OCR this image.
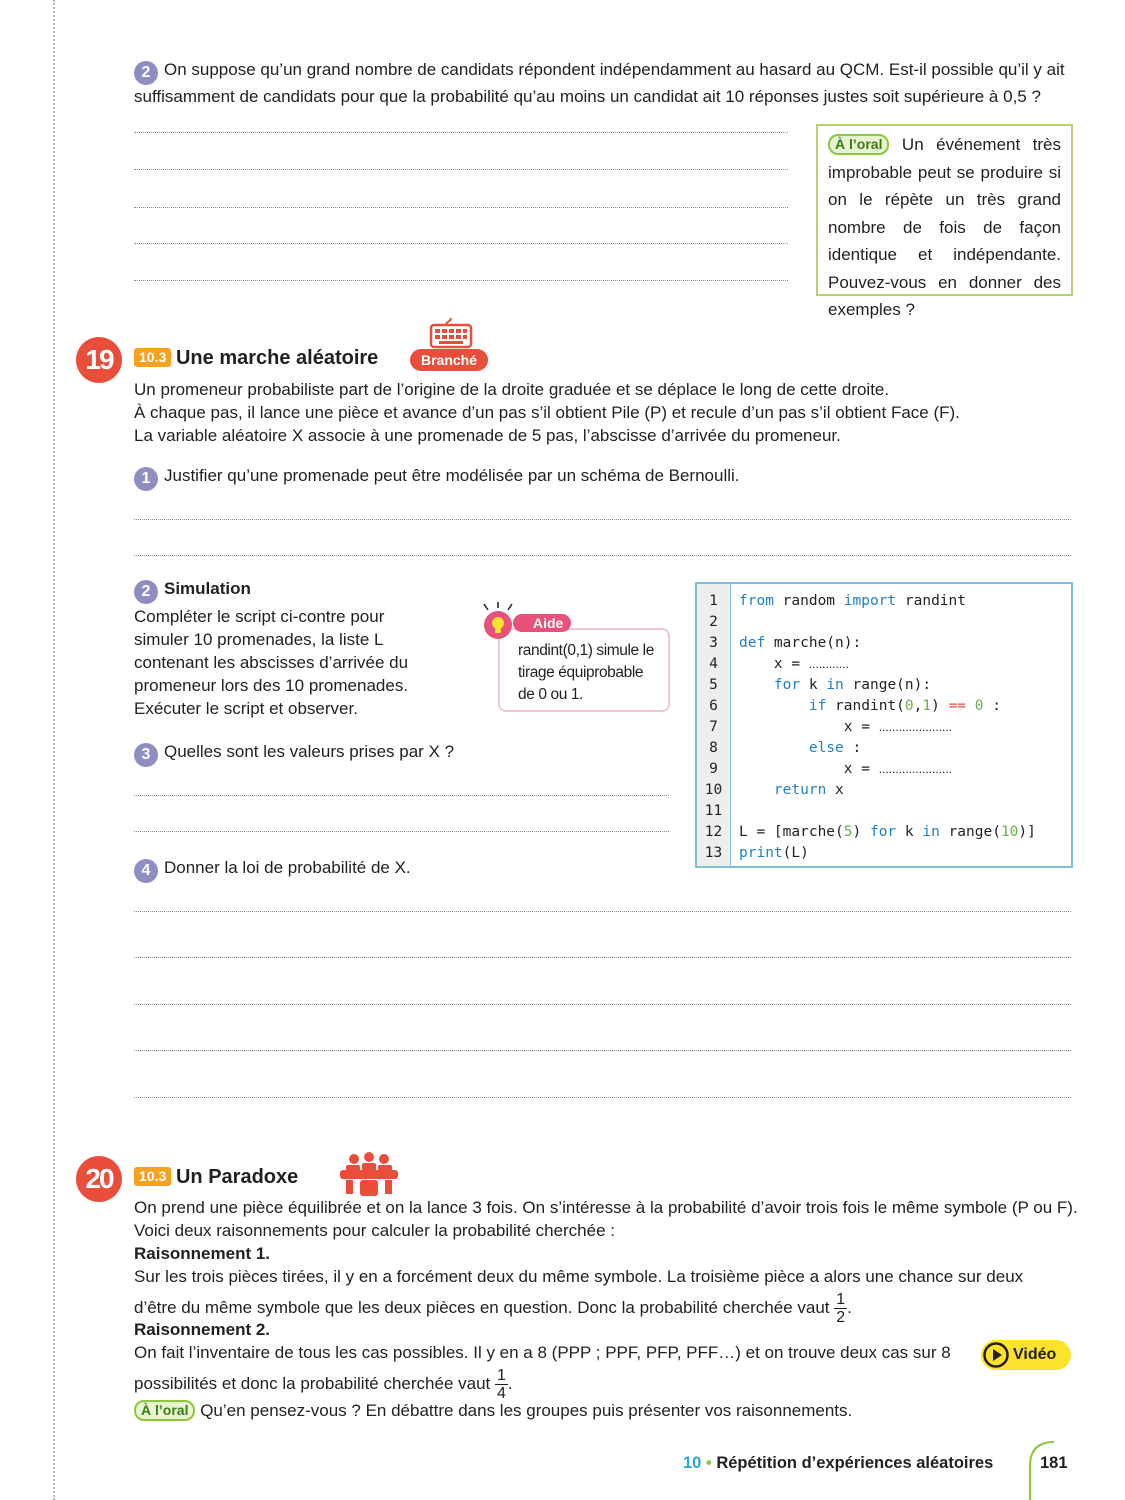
2 On suppose qu’un grand nombre de candidats répondent indépendamment au hasard au QCM. Est-il possible qu’il y ait suffisamment de candidats pour que la probabilité qu’au moins un candidat ait 10 réponses justes soit supérieure à 0,5 ?
À l’oral Un événement très improbable peut se produire si on le répète un très grand nombre de fois de façon identique et indépendante. Pouvez-vous en donner des exemples ?
19	10.3 Une marche aléatoire	Branché
Un promeneur probabiliste part de l’origine de la droite graduée et se déplace le long de cette droite.
À chaque pas, il lance une pièce et avance d’un pas s’il obtient Pile (P) et recule d’un pas s’il obtient Face (F).
La variable aléatoire X associe à une promenade de 5 pas, l’abscisse d’arrivée du promeneur.
1 Justifier qu’une promenade peut être modélisée par un schéma de Bernoulli.
2 Simulation
Compléter le script ci-contre pour
simuler 10 promenades, la liste L
contenant les abscisses d’arrivée du
promeneur lors des 10 promenades.
Exécuter le script et observer.
Aide
randint(0,1) simule le
tirage équiprobable
de 0 ou 1.
3 Quelles sont les valeurs prises par X ?
4 Donner la loi de probabilité de X.
1	from random import randint
2
3	def marche(n):
4	x = ............
5	for k in range(n):
6	if randint(0,1) == 0 :
7	x = ......................
8	else :
9	x = ......................
10	return x
11
12	L = [marche(5) for k in range(10)]
13	print(L)
20	10.3 Un Paradoxe
On prend une pièce équilibrée et on la lance 3 fois. On s’intéresse à la probabilité d’avoir trois fois le même symbole (P ou F).
Voici deux raisonnements pour calculer la probabilité cherchée :
Raisonnement 1.
Sur les trois pièces tirées, il y en a forcément deux du même symbole. La troisième pièce a alors une chance sur deux
d’être du même symbole que les deux pièces en question. Donc la probabilité cherchée vaut $\frac{1}{2}$ .
Raisonnement 2.
On fait l’inventaire de tous les cas possibles. Il y en a 8 (PPP ; PPF, PFP, PFF…) et on trouve deux cas sur 8
possibilités et donc la probabilité cherchée vaut $\frac{1}{4}$ .
Vidéo
À l’oral Qu’en pensez-vous ? En débattre dans les groupes puis présenter vos raisonnements.
10 • Répétition d’expériences aléatoires	181
